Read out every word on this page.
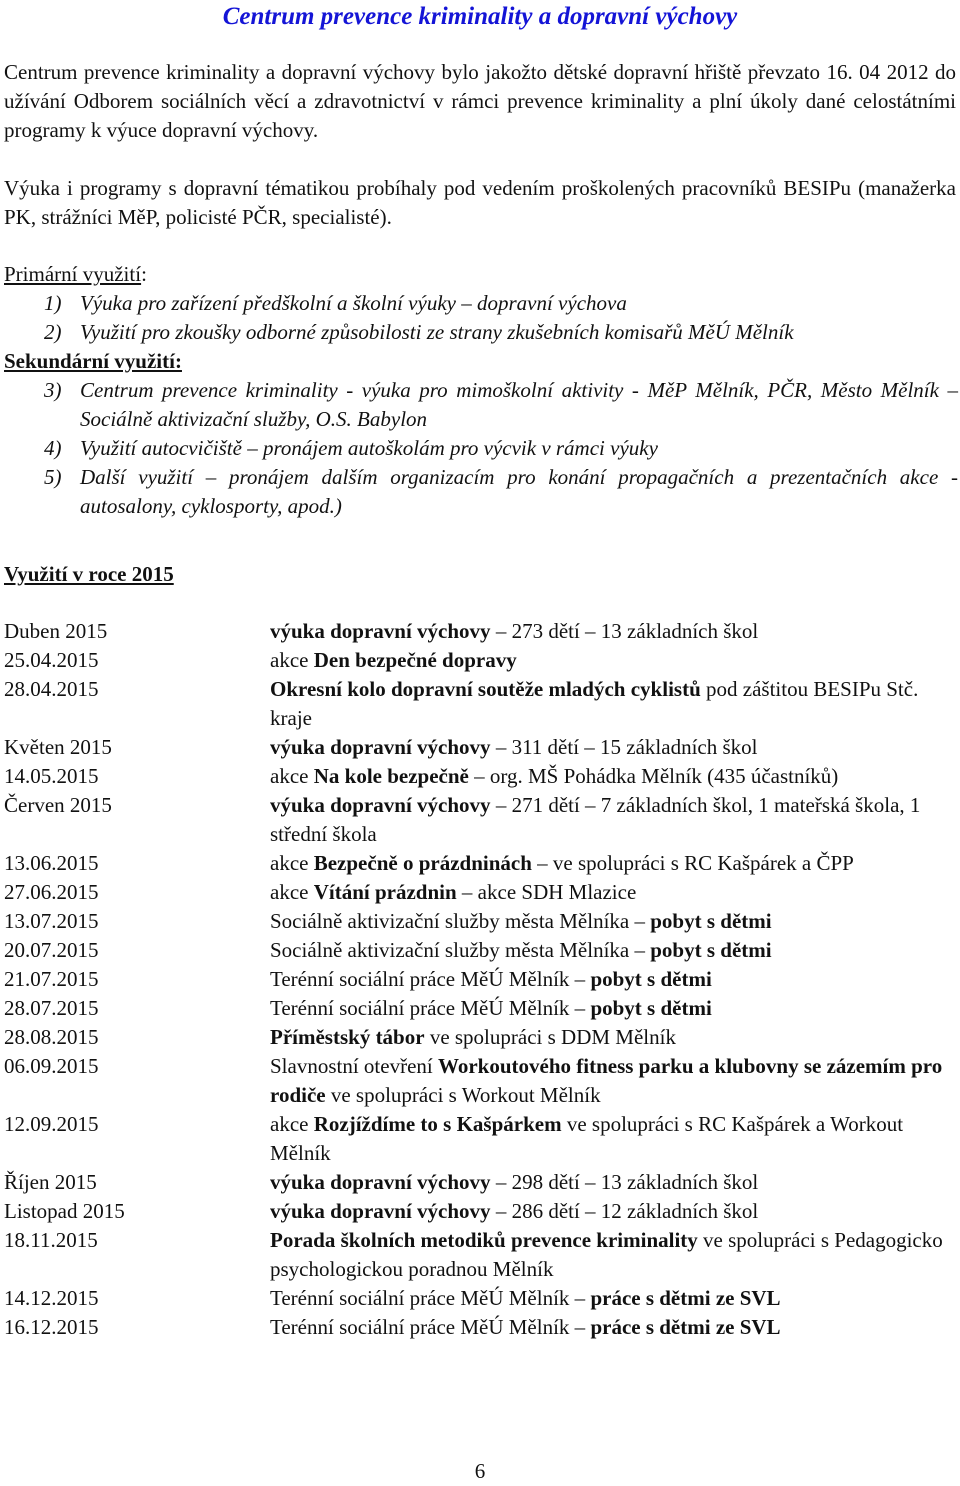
Centrum prevence kriminality a dopravní výchovy
Centrum prevence kriminality a dopravní výchovy bylo jakožto dětské dopravní hřiště převzato 16. 04 2012 do užívání Odborem sociálních věcí a zdravotnictví v rámci prevence kriminality a plní úkoly dané celostátními programy k výuce dopravní výchovy.
Výuka i programy s dopravní tématikou probíhaly pod vedením proškolených pracovníků BESIPu (manažerka PK, strážníci MěP, policisté PČR, specialisté).
Primární využití:
1) Výuka pro zařízení předškolní a školní výuky – dopravní výchova
2) Využití pro zkoušky odborné způsobilosti ze strany zkušebních komisařů MěÚ Mělník
Sekundární využití:
3) Centrum prevence kriminality - výuka pro mimoškolní aktivity - MěP Mělník, PČR, Město Mělník – Sociálně aktivizační služby, O.S. Babylon
4) Využití autocvičiště – pronájem autoškolám pro výcvik v rámci výuky
5) Další využití – pronájem dalším organizacím pro konání propagačních a prezentačních akce - autosalony, cyklosporty, apod.)
Využití v roce 2015
Duben 2015	výuka dopravní výchovy – 273 dětí – 13 základních škol
25.04.2015	akce Den bezpečné dopravy
28.04.2015	Okresní kolo dopravní soutěže mladých cyklistů pod záštitou BESIPu Stč. kraje
Květen 2015	výuka dopravní výchovy – 311 dětí – 15 základních škol
14.05.2015	akce Na kole bezpečně – org. MŠ Pohádka Mělník (435 účastníků)
Červen 2015	výuka dopravní výchovy – 271 dětí – 7 základních škol, 1 mateřská škola, 1 střední škola
13.06.2015	akce Bezpečně o prázdninách – ve spolupráci s RC Kašpárek a ČPP
27.06.2015	akce Vítání prázdnin – akce SDH Mlazice
13.07.2015	Sociálně aktivizační služby města Mělníka – pobyt s dětmi
20.07.2015	Sociálně aktivizační služby města Mělníka – pobyt s dětmi
21.07.2015	Terénní sociální práce MěÚ Mělník – pobyt s dětmi
28.07.2015	Terénní sociální práce MěÚ Mělník – pobyt s dětmi
28.08.2015	Příměstský tábor ve spolupráci s DDM Mělník
06.09.2015	Slavnostní otevření Workoutového fitness parku a klubovny se zázemím pro rodiče ve spolupráci s Workout Mělník
12.09.2015	akce Rozjíždíme to s Kašpárkem ve spolupráci s RC Kašpárek a Workout Mělník
Říjen 2015	výuka dopravní výchovy – 298 dětí – 13 základních škol
Listopad 2015	výuka dopravní výchovy – 286 dětí – 12 základních škol
18.11.2015	Porada školních metodiků prevence kriminality ve spolupráci s Pedagogicko psychologickou poradnou Mělník
14.12.2015	Terénní sociální práce MěÚ Mělník – práce s dětmi ze SVL
16.12.2015	Terénní sociální práce MěÚ Mělník – práce s dětmi ze SVL
6
